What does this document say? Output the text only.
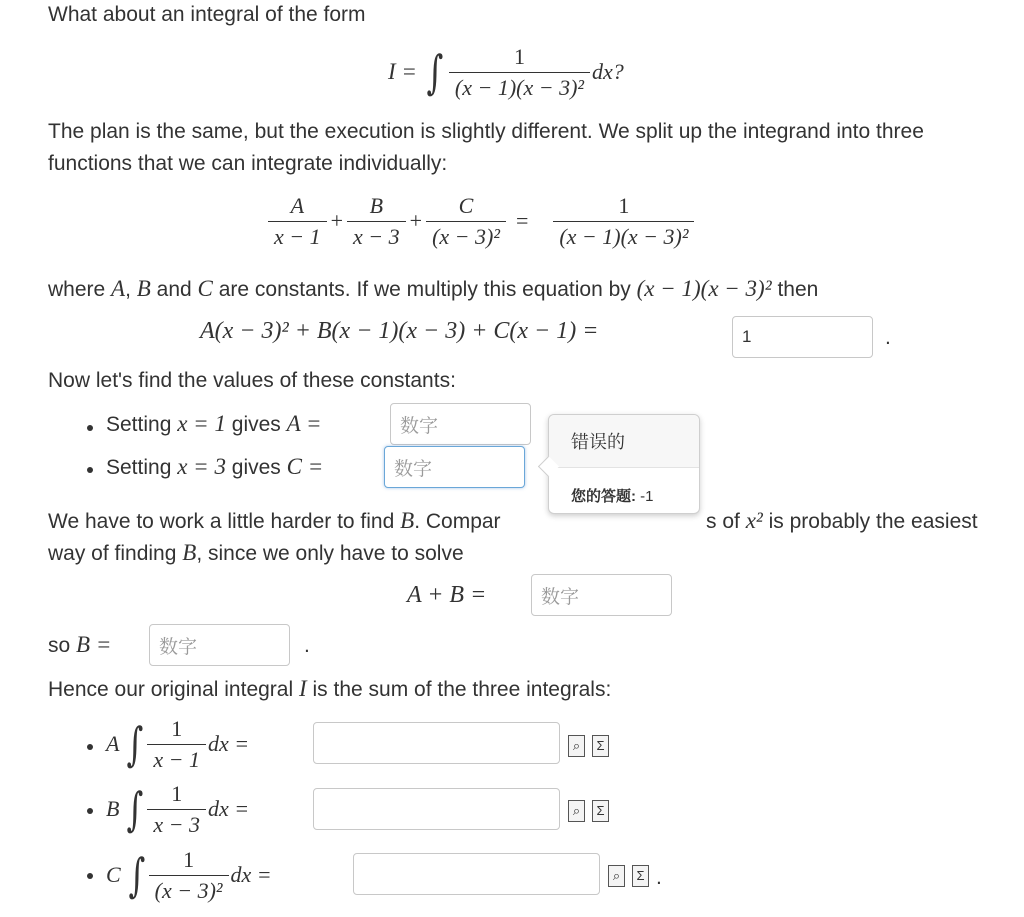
What about an integral of the form
I = ∫ $\frac{1}{\text{(x − 1)(x − 3)²}}$ dx?
The plan is the same, but the execution is slightly different. We split up the integrand into three
functions that we can integrate individually:
$\frac{A}{x - 1} + \frac{B}{x - 3} + \frac{C}{\text{(x − 3)²}} = \frac{1}{\text{(x − 1)(x − 3)²}}$
where A, B and C are constants. If we multiply this equation by (x − 1)(x − 3)² then
A(x − 3)² + B(x − 1)(x − 3) + C(x − 1) =	1	.
Now let's find the values of these constants:
Setting x = 1 gives A =	数字
Setting x = 3 gives C =	数字
We have to work a little harder to find B. Compar	s of x² is probably the easiest
way of finding B, since we only have to solve
错误的
您的答题: -1
A + B =	数字
so B =	数字	.
Hence our original integral I is the sum of the three integrals:
A ∫ $\frac{1}{x - 1}$ dx =	⌕	Σ
B ∫ $\frac{1}{x - 3}$ dx =	⌕	Σ
C ∫ $\frac{1}{\text{(x − 3)²}}$ dx =	⌕	Σ .
